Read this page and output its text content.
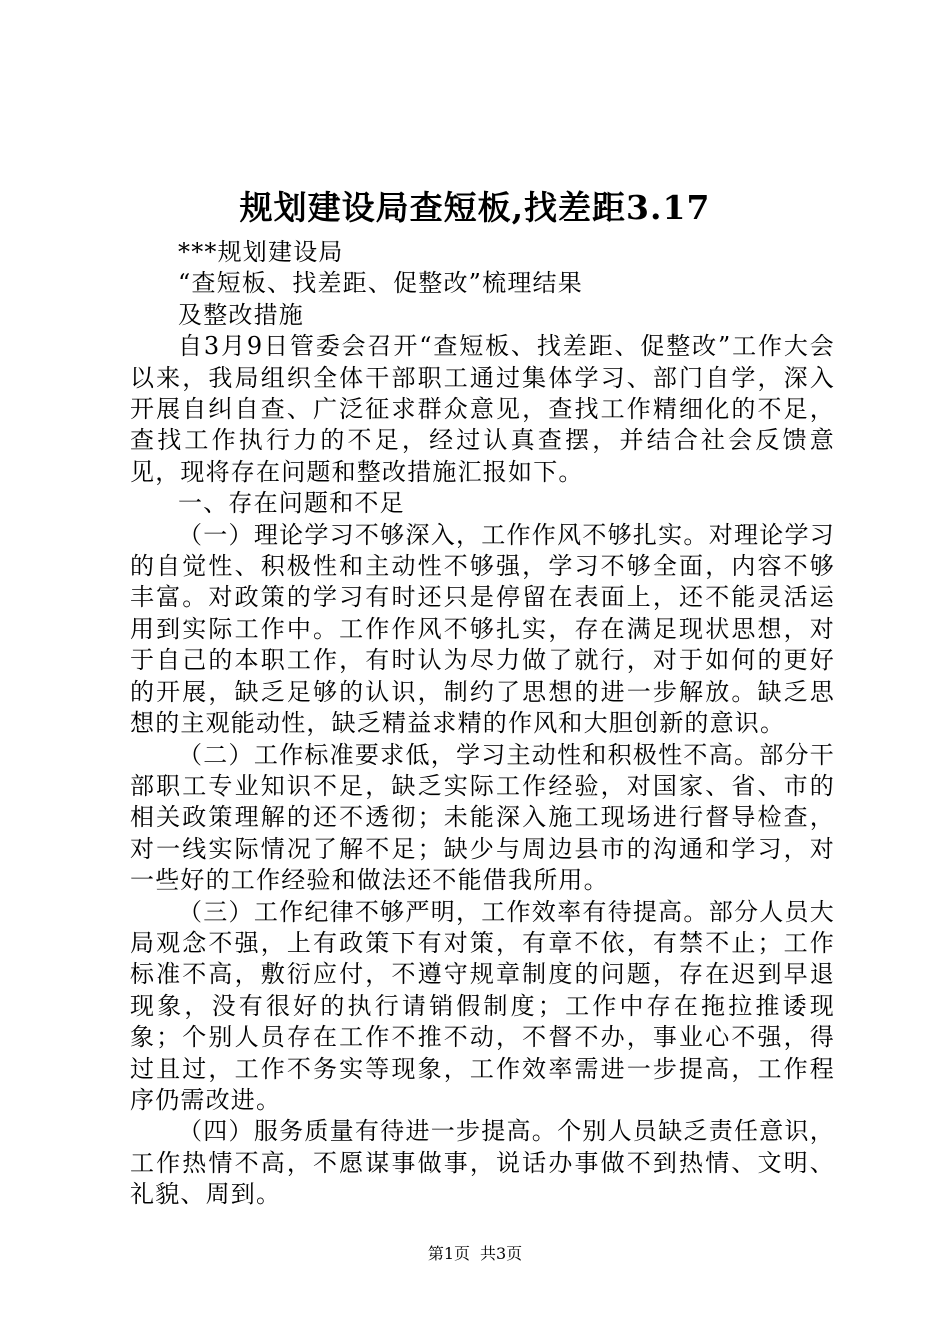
规划建设局查短板,找差距3.17

***规划建设局

“查短板、找差距、促整改”梳理结果

及整改措施

自3月9日管委会召开“查短板、找差距、促整改”工作大会以来，我局组织全体干部职工通过集体学习、部门自学，深入开展自纠自查、广泛征求群众意见，查找工作精细化的不足，查找工作执行力的不足，经过认真查摆，并结合社会反馈意见，现将存在问题和整改措施汇报如下。

一、存在问题和不足

（一）理论学习不够深入，工作作风不够扎实。对理论学习的自觉性、积极性和主动性不够强，学习不够全面，内容不够丰富。对政策的学习有时还只是停留在表面上，还不能灵活运用到实际工作中。工作作风不够扎实，存在满足现状思想，对于自己的本职工作，有时认为尽力做了就行，对于如何的更好的开展，缺乏足够的认识，制约了思想的进一步解放。缺乏思想的主观能动性，缺乏精益求精的作风和大胆创新的意识。

（二）工作标准要求低，学习主动性和积极性不高。部分干部职工专业知识不足，缺乏实际工作经验，对国家、省、市的相关政策理解的还不透彻；未能深入施工现场进行督导检查，对一线实际情况了解不足；缺少与周边县市的沟通和学习，对一些好的工作经验和做法还不能借我所用。

（三）工作纪律不够严明，工作效率有待提高。部分人员大局观念不强，上有政策下有对策，有章不依，有禁不止；工作标准不高，敷衍应付，不遵守规章制度的问题，存在迟到早退现象，没有很好的执行请销假制度；工作中存在拖拉推诿现象；个别人员存在工作不推不动，不督不办，事业心不强，得过且过，工作不务实等现象，工作效率需进一步提高，工作程序仍需改进。

（四）服务质量有待进一步提高。个别人员缺乏责任意识，工作热情不高，不愿谋事做事，说话办事做不到热情、文明、礼貌、周到。

第1页 共3页
